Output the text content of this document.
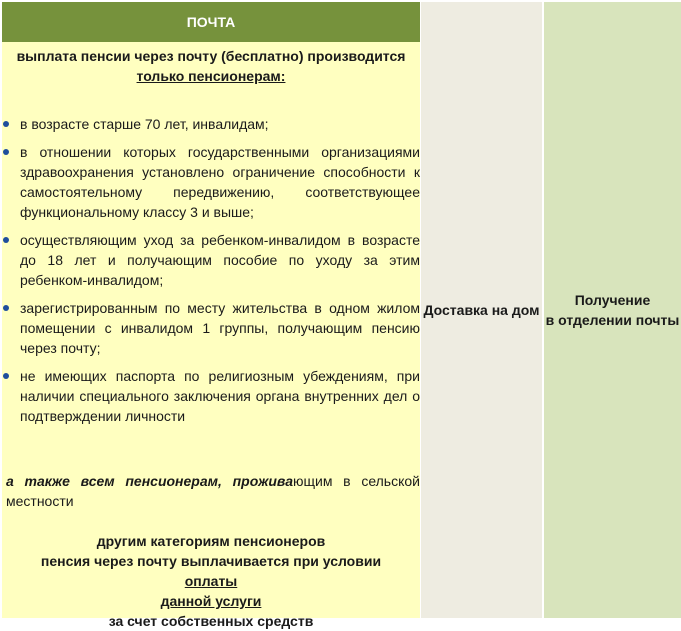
ПОЧТА
выплата пенсии через почту (бесплатно) производится
только пенсионерам:
в возрасте старше 70 лет, инвалидам;
в отношении которых государственными организациями здравоохранения установлено ограничение способности к самостоятельному передвижению, соответствующее функциональному классу 3 и выше;
осуществляющим уход за ребенком-инвалидом в возрасте до 18 лет и получающим пособие по уходу за этим ребенком-инвалидом;
зарегистрированным по месту жительства в одном жилом помещении с инвалидом 1 группы, получающим пенсию через почту;
не имеющих паспорта по религиозным убеждениям, при наличии специального заключения органа внутренних дел о подтверждении личности
а также всем пенсионерам, проживающим в сельской местности
другим категориям пенсионеров
пенсия через почту выплачивается при условии
оплаты
данной услуги
за счет собственных средств
Доставка на дом
Получение
в отделении почты
